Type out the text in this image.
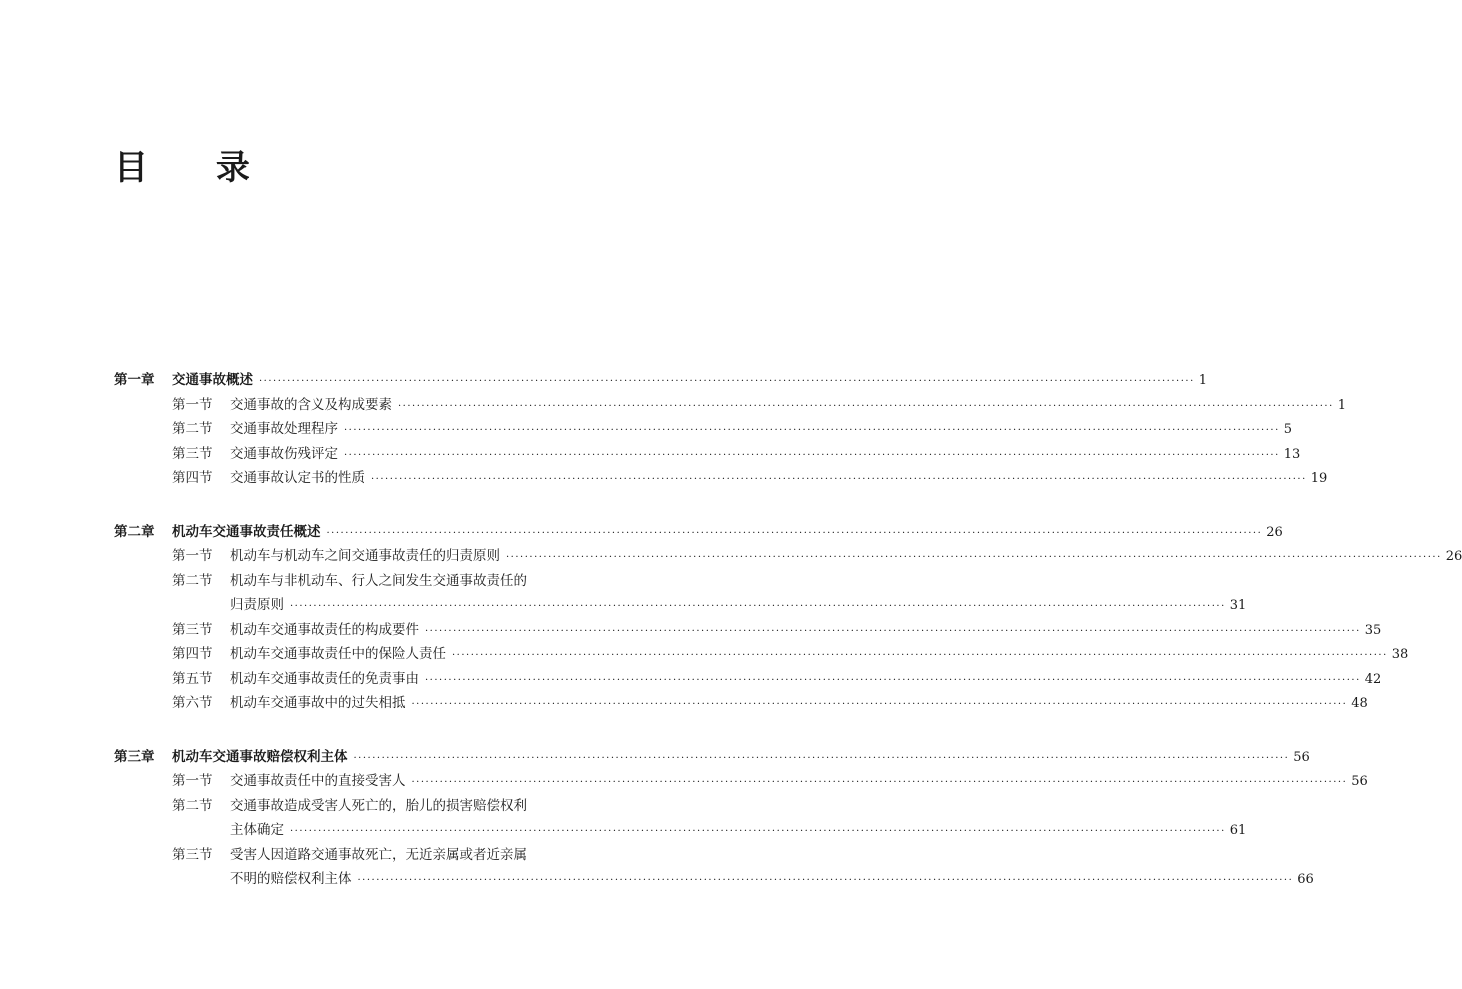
目 录
第一章	交通事故概述 ········································································································································································································ 1
第一节	交通事故的含义及构成要素 ········································································································································································································ 1
第二节	交通事故处理程序 ········································································································································································································ 5
第三节	交通事故伤残评定 ········································································································································································································ 13
第四节	交通事故认定书的性质 ········································································································································································································ 19
第二章	机动车交通事故责任概述 ········································································································································································································ 26
第一节	机动车与机动车之间交通事故责任的归责原则 ········································································································································································································ 26
第二节 机动车与非机动车、行人之间发生交通事故责任的
归责原则 ········································································································································································································ 31
第三节	机动车交通事故责任的构成要件 ········································································································································································································ 35
第四节	机动车交通事故责任中的保险人责任 ········································································································································································································ 38
第五节	机动车交通事故责任的免责事由 ········································································································································································································ 42
第六节	机动车交通事故中的过失相抵 ········································································································································································································ 48
第三章	机动车交通事故赔偿权利主体 ········································································································································································································ 56
第一节	交通事故责任中的直接受害人 ········································································································································································································ 56
第二节 交通事故造成受害人死亡的，胎儿的损害赔偿权利
主体确定 ········································································································································································································ 61
第三节 受害人因道路交通事故死亡，无近亲属或者近亲属
不明的赔偿权利主体 ········································································································································································································ 66
